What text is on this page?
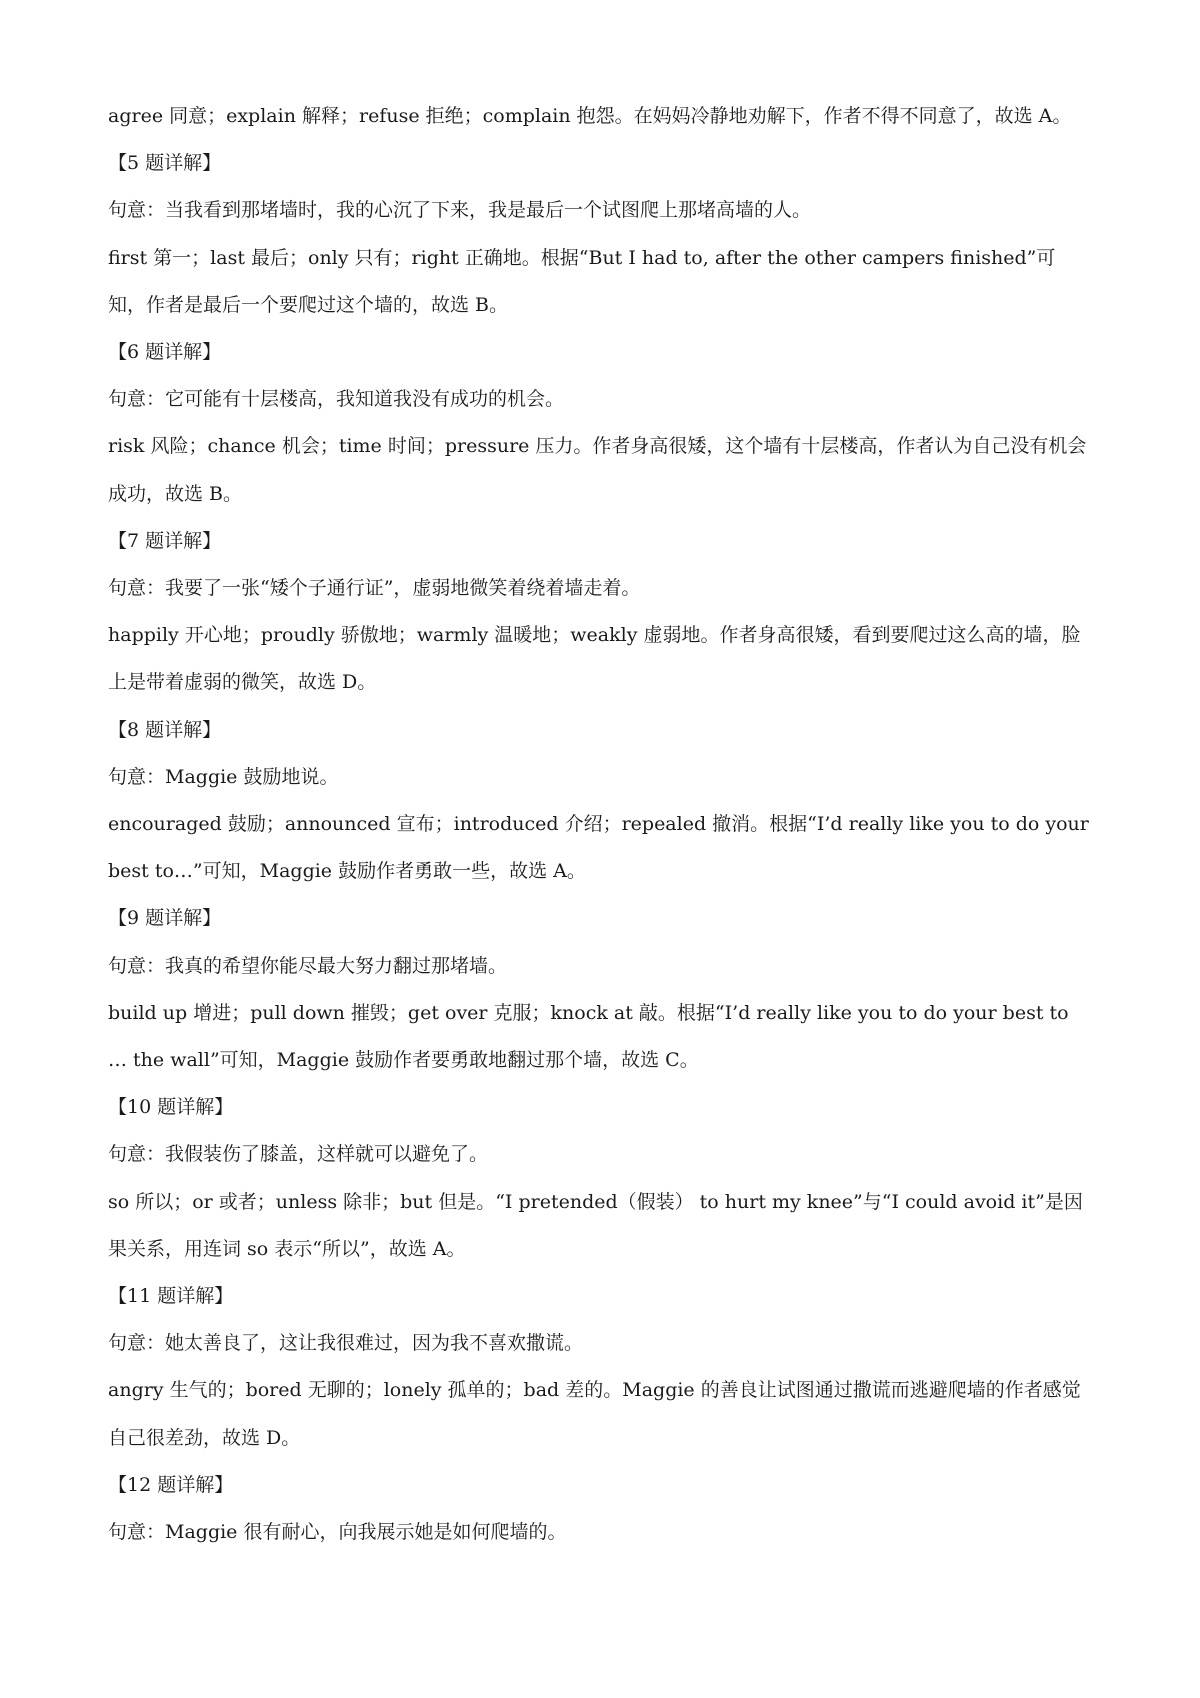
agree 同意；explain 解释；refuse 拒绝；complain 抱怨。在妈妈冷静地劝解下，作者不得不同意了，故选 A。

【5 题详解】

句意：当我看到那堵墙时，我的心沉了下来，我是最后一个试图爬上那堵高墙的人。

first 第一；last 最后；only 只有；right 正确地。根据“But I had to, after the other campers finished”可知，作者是最后一个要爬过这个墙的，故选 B。

【6 题详解】

句意：它可能有十层楼高，我知道我没有成功的机会。

risk 风险；chance 机会；time 时间；pressure 压力。作者身高很矮，这个墙有十层楼高，作者认为自己没有机会成功，故选 B。

【7 题详解】

句意：我要了一张“矮个子通行证”，虚弱地微笑着绕着墙走着。

happily 开心地；proudly 骄傲地；warmly 温暖地；weakly 虚弱地。作者身高很矮，看到要爬过这么高的墙，脸上是带着虚弱的微笑，故选 D。

【8 题详解】

句意：Maggie 鼓励地说。

encouraged 鼓励；announced 宣布；introduced 介绍；repealed 撤消。根据“I’d really like you to do your best to…”可知，Maggie 鼓励作者勇敢一些，故选 A。

【9 题详解】

句意：我真的希望你能尽最大努力翻过那堵墙。

build up 增进；pull down 摧毁；get over 克服；knock at 敲。根据“I’d really like you to do your best to … the wall”可知，Maggie 鼓励作者要勇敢地翻过那个墙，故选 C。

【10 题详解】

句意：我假装伤了膝盖，这样就可以避免了。

so 所以；or 或者；unless 除非；but 但是。“I pretended（假装） to hurt my knee”与“I could avoid it”是因果关系，用连词 so 表示“所以”，故选 A。

【11 题详解】

句意：她太善良了，这让我很难过，因为我不喜欢撒谎。

angry 生气的；bored 无聊的；lonely 孤单的；bad 差的。Maggie 的善良让试图通过撒谎而逃避爬墙的作者感觉自己很差劲，故选 D。

【12 题详解】

句意：Maggie 很有耐心，向我展示她是如何爬墙的。
